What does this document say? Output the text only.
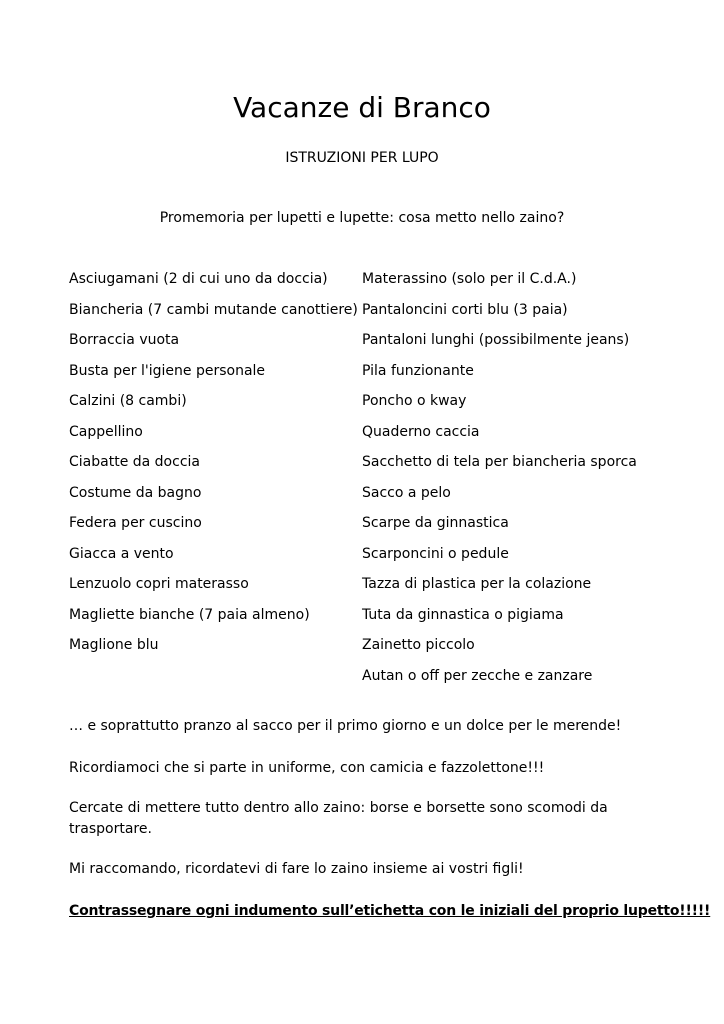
Vacanze di Branco
ISTRUZIONI PER LUPO
Promemoria per lupetti e lupette: cosa metto nello zaino?
Asciugamani (2 di cui uno da doccia)
Biancheria (7 cambi mutande canottiere)
Borraccia vuota
Busta per l'igiene personale
Calzini (8 cambi)
Cappellino
Ciabatte da doccia
Costume da bagno
Federa per cuscino
Giacca a vento
Lenzuolo copri materasso
Magliette bianche (7 paia almeno)
Maglione blu
Materassino (solo per il C.d.A.)
Pantaloncini corti blu (3 paia)
Pantaloni lunghi (possibilmente jeans)
Pila funzionante
Poncho o kway
Quaderno caccia
Sacchetto di tela per biancheria sporca
Sacco a pelo
Scarpe da ginnastica
Scarponcini o pedule
Tazza di plastica per la colazione
Tuta da ginnastica o pigiama
Zainetto piccolo
Autan o off per zecche e zanzare
… e soprattutto pranzo al sacco per il primo giorno e un dolce per le merende!
Ricordiamoci che si parte in uniforme, con camicia e fazzolettone!!!
Cercate di mettere tutto dentro allo zaino: borse e borsette sono scomodi da trasportare.
Mi raccomando, ricordatevi di fare lo zaino insieme ai vostri figli!
Contrassegnare ogni indumento sull’etichetta con le iniziali del proprio lupetto!!!!!
